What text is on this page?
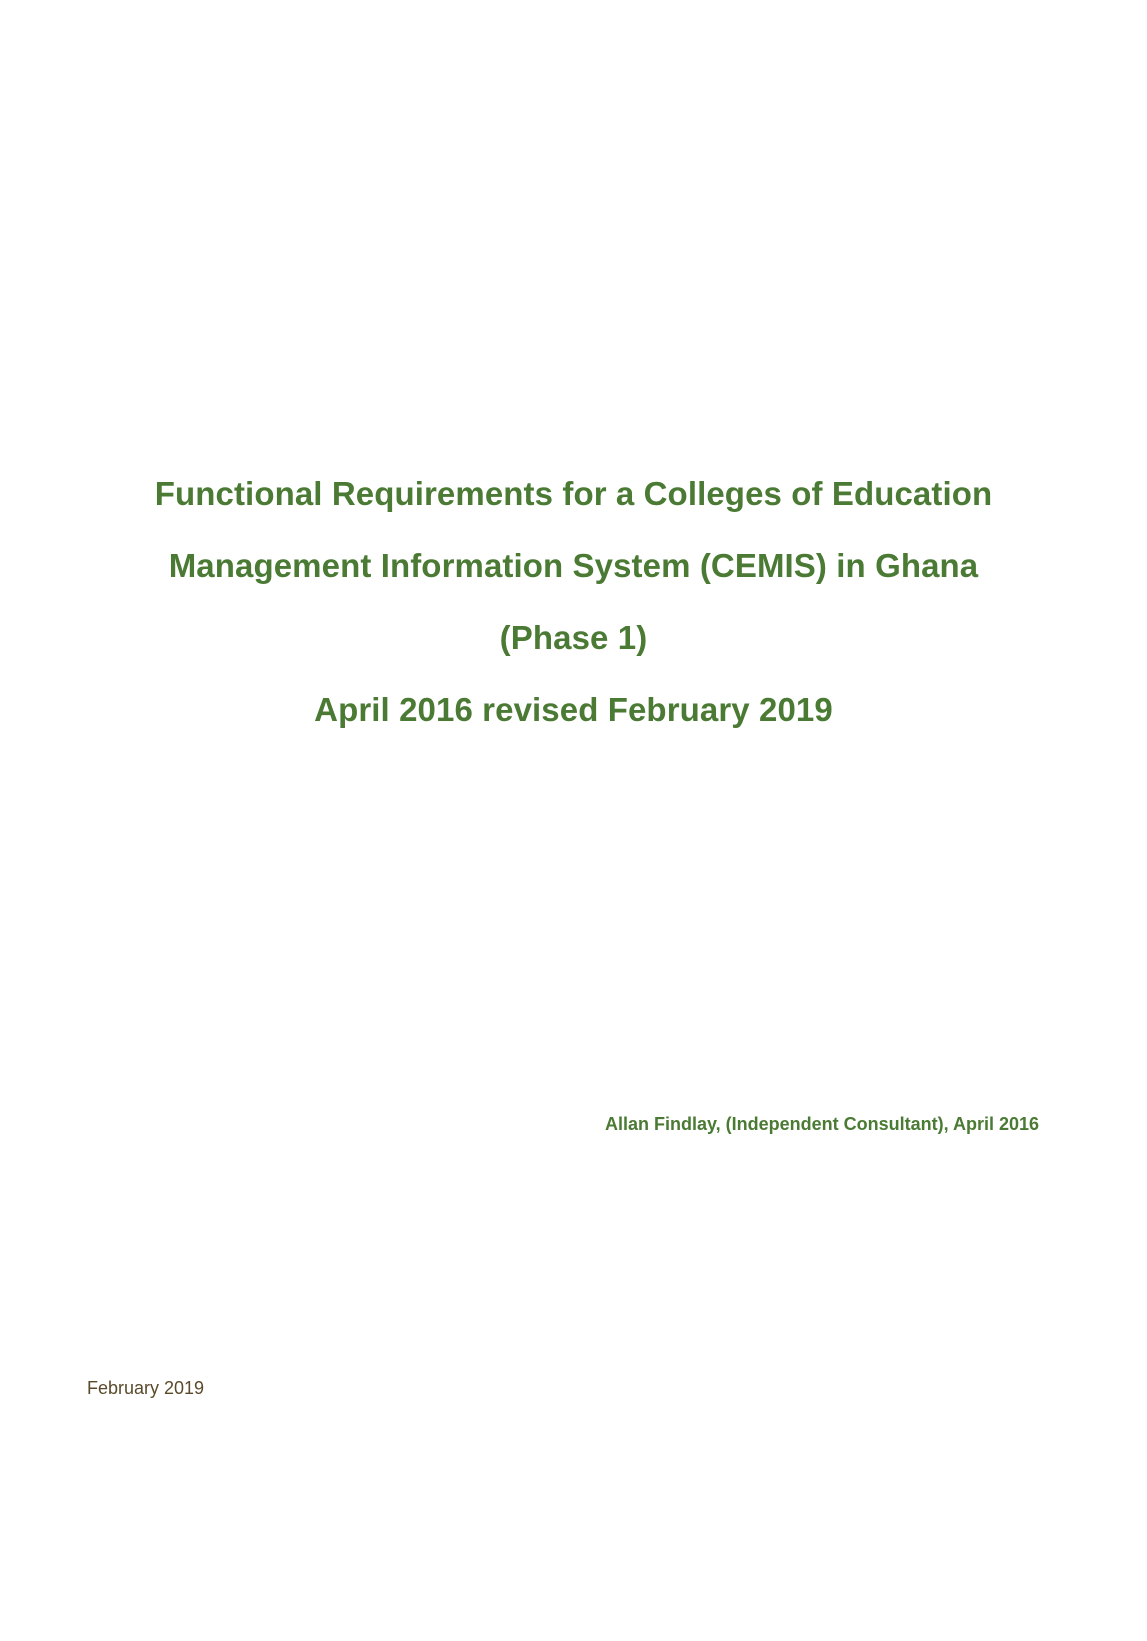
Functional Requirements for a Colleges of Education
Management Information System (CEMIS) in Ghana
(Phase 1)
April 2016 revised February 2019
Allan Findlay, (Independent Consultant), April 2016
February 2019
